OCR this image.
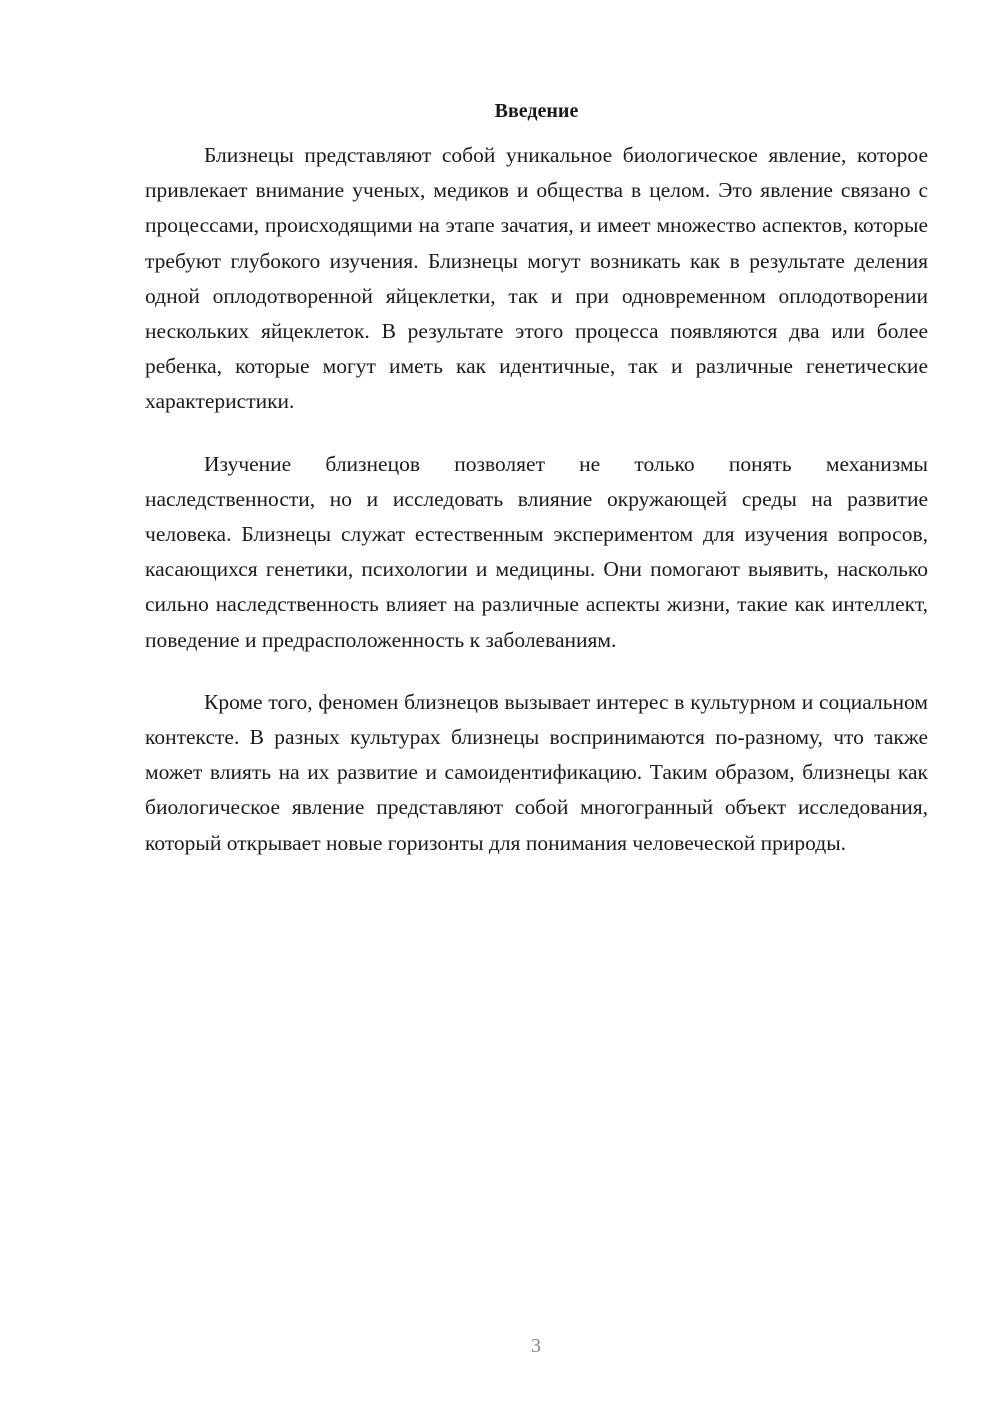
Введение

Близнецы представляют собой уникальное биологическое явление, которое привлекает внимание ученых, медиков и общества в целом. Это явление связано с процессами, происходящими на этапе зачатия, и имеет множество аспектов, которые требуют глубокого изучения. Близнецы могут возникать как в результате деления одной оплодотворенной яйцеклетки, так и при одновременном оплодотворении нескольких яйцеклеток. В результате этого процесса появляются два или более ребенка, которые могут иметь как идентичные, так и различные генетические характеристики.

Изучение близнецов позволяет не только понять механизмы наследственности, но и исследовать влияние окружающей среды на развитие человека. Близнецы служат естественным экспериментом для изучения вопросов, касающихся генетики, психологии и медицины. Они помогают выявить, насколько сильно наследственность влияет на различные аспекты жизни, такие как интеллект, поведение и предрасположенность к заболеваниям.

Кроме того, феномен близнецов вызывает интерес в культурном и социальном контексте. В разных культурах близнецы воспринимаются по-разному, что также может влиять на их развитие и самоидентификацию. Таким образом, близнецы как биологическое явление представляют собой многогранный объект исследования, который открывает новые горизонты для понимания человеческой природы.

3
